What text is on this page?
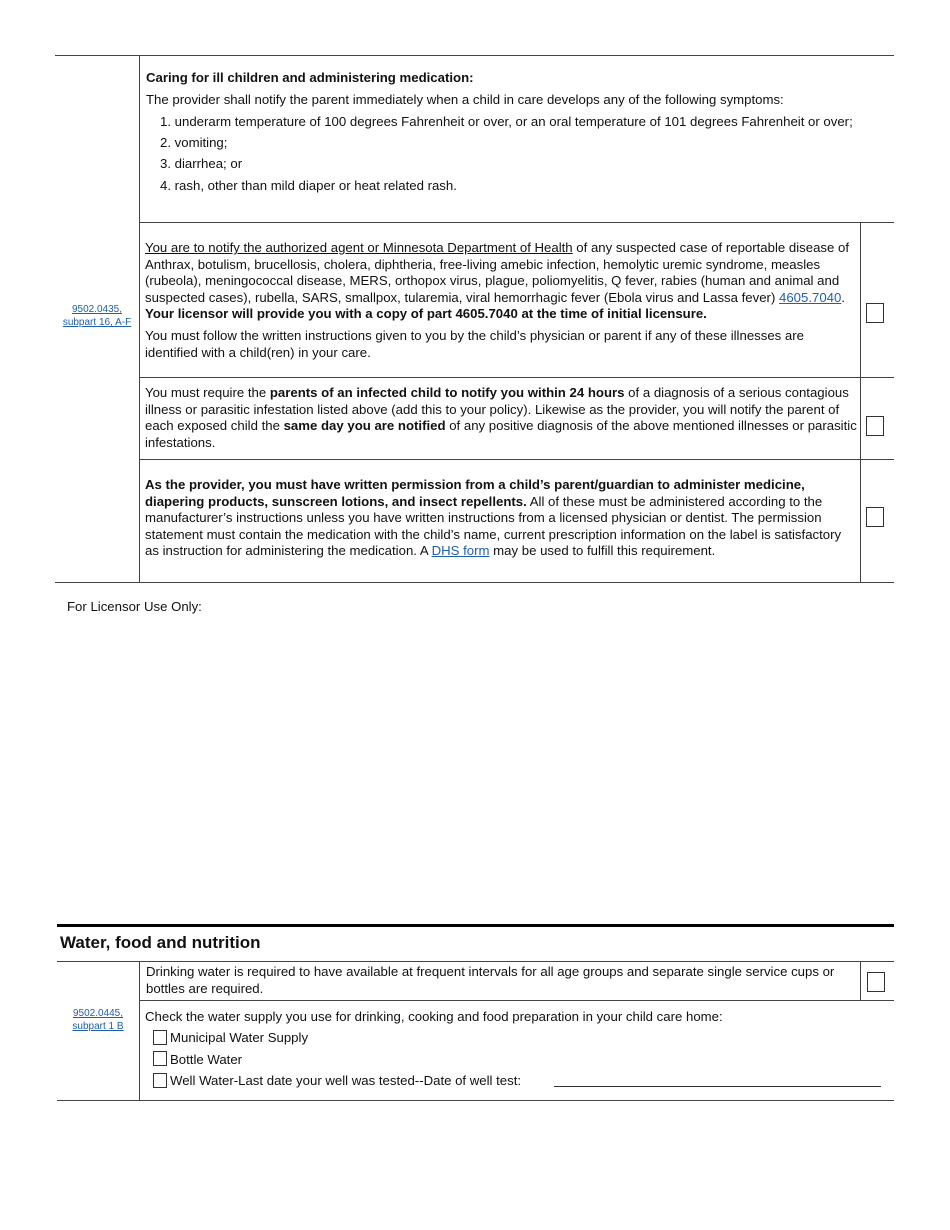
9502.0435, subpart 16, A-F
Caring for ill children and administering medication:
The provider shall notify the parent immediately when a child in care develops any of the following symptoms:
1. underarm temperature of 100 degrees Fahrenheit or over, or an oral temperature of 101 degrees Fahrenheit or over;
2. vomiting;
3. diarrhea; or
4. rash, other than mild diaper or heat related rash.
You are to notify the authorized agent or Minnesota Department of Health of any suspected case of reportable disease of Anthrax, botulism, brucellosis, cholera, diphtheria, free-living amebic infection, hemolytic uremic syndrome, measles (rubeola), meningococcal disease, MERS, orthopox virus, plague, poliomyelitis, Q fever, rabies (human and animal and suspected cases), rubella, SARS, smallpox, tularemia, viral hemorrhagic fever (Ebola virus and Lassa fever) 4605.7040.
Your licensor will provide you with a copy of part 4605.7040 at the time of initial licensure.
You must follow the written instructions given to you by the child’s physician or parent if any of these illnesses are identified with a child(ren) in your care.
You must require the parents of an infected child to notify you within 24 hours of a diagnosis of a serious contagious illness or parasitic infestation listed above (add this to your policy). Likewise as the provider, you will notify the parent of each exposed child the same day you are notified of any positive diagnosis of the above mentioned illnesses or parasitic infestations.
As the provider, you must have written permission from a child’s parent/guardian to administer medicine, diapering products, sunscreen lotions, and insect repellents. All of these must be administered according to the manufacturer’s instructions unless you have written instructions from a licensed physician or dentist. The permission statement must contain the medication with the child’s name, current prescription information on the label is satisfactory as instruction for administering the medication. A DHS form may be used to fulfill this requirement.
For Licensor Use Only:
Water, food and nutrition
9502.0445, subpart 1 B
Drinking water is required to have available at frequent intervals for all age groups and separate single service cups or bottles are required.
Check the water supply you use for drinking, cooking and food preparation in your child care home:
Municipal Water Supply
Bottle Water
Well Water-Last date your well was tested--Date of well test:
